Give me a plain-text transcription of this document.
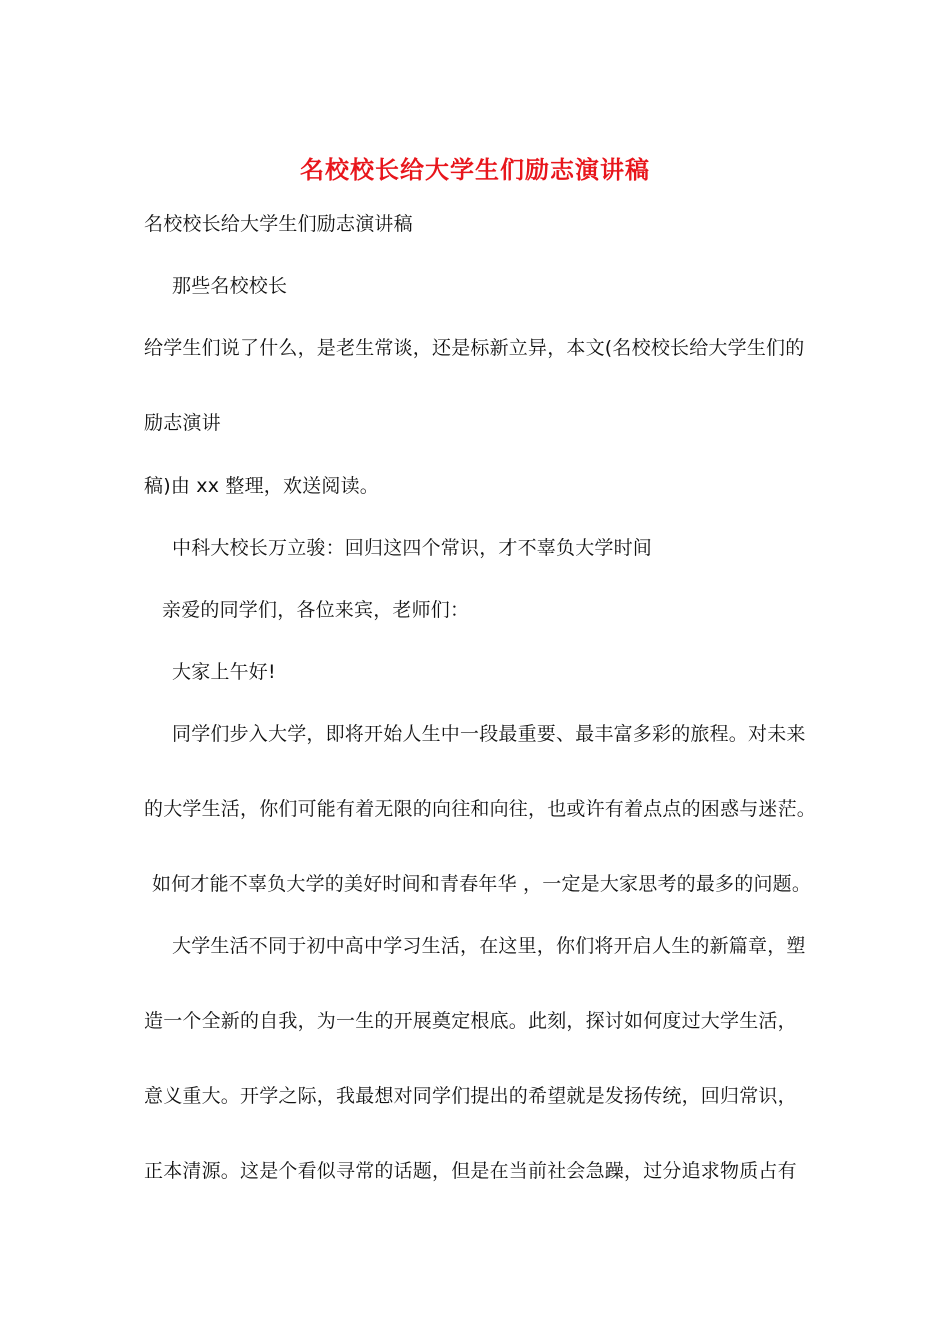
名校校长给大学生们励志演讲稿
名校校长给大学生们励志演讲稿
那些名校校长
给学生们说了什么，是老生常谈，还是标新立异，本文(名校校长给大学生们的
励志演讲
稿)由 xx 整理，欢送阅读。
中科大校长万立骏：回归这四个常识，才不辜负大学时间
亲爱的同学们，各位来宾，老师们：
大家上午好!
同学们步入大学，即将开始人生中一段最重要、最丰富多彩的旅程。对未来
的大学生活，你们可能有着无限的向往和向往，也或许有着点点的困惑与迷茫。
如何才能不辜负大学的美好时间和青春年华 ，一定是大家思考的最多的问题。
大学生活不同于初中高中学习生活，在这里，你们将开启人生的新篇章，塑
造一个全新的自我，为一生的开展奠定根底。此刻，探讨如何度过大学生活，
意义重大。开学之际，我最想对同学们提出的希望就是发扬传统，回归常识，
正本清源。这是个看似寻常的话题，但是在当前社会急躁，过分追求物质占有
